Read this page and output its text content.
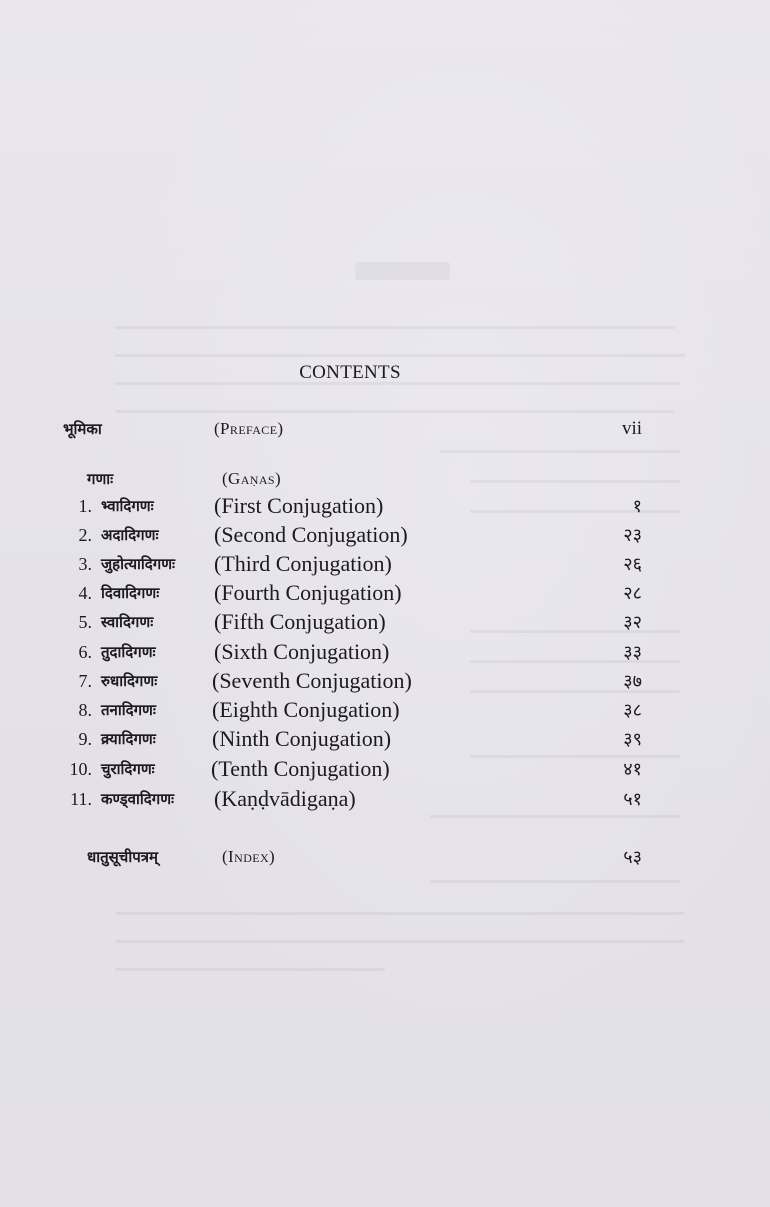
CONTENTS
भूमिका	(Preface)	vii
गणाः	(Gaṇas)
1. भ्वादिगणः	(First Conjugation)	१
2. अदादिगणः	(Second Conjugation)	२३
3. जुहोत्यादिगणः (Third Conjugation)	२६
4. दिवादिगणः (Fourth Conjugation)	२८
5. स्वादिगणः	(Fifth Conjugation)	३२
6. तुदादिगणः	(Sixth Conjugation)	३३
7. रुधादिगणः (Seventh Conjugation)	३७
8. तनादिगणः	(Eighth Conjugation)	३८
9. क्र्यादिगणः	(Ninth Conjugation)	३९
10. चुरादिगणः	(Tenth Conjugation)	४१
11. कण्ड्वादिगणः (Kaṇḍvādigaṇa)	५१
धातुसूचीपत्रम्	(Index)	५३
